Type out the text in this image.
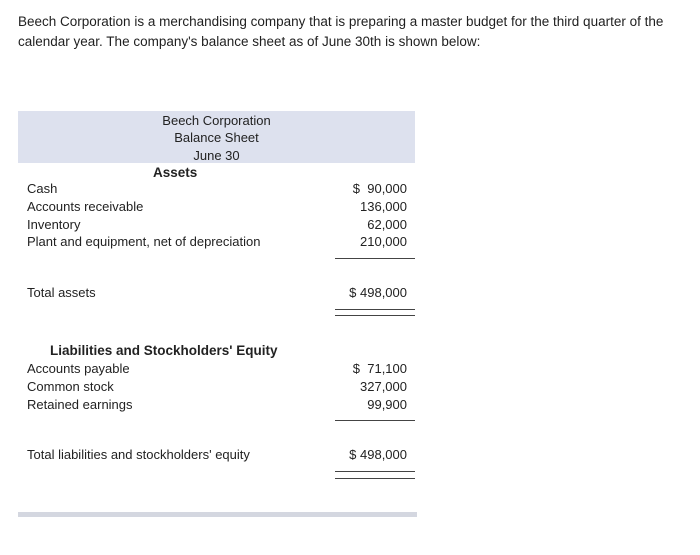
Beech Corporation is a merchandising company that is preparing a master budget for the third quarter of the calendar year. The company's balance sheet as of June 30th is shown below:
Beech Corporation
Balance Sheet
June 30
Assets
Cash	$  90,000
Accounts receivable	136,000
Inventory	62,000
Plant and equipment, net of depreciation	210,000
Total assets	$ 498,000
Liabilities and Stockholders' Equity
Accounts payable	$  71,100
Common stock	327,000
Retained earnings	99,900
Total liabilities and stockholders' equity	$ 498,000
